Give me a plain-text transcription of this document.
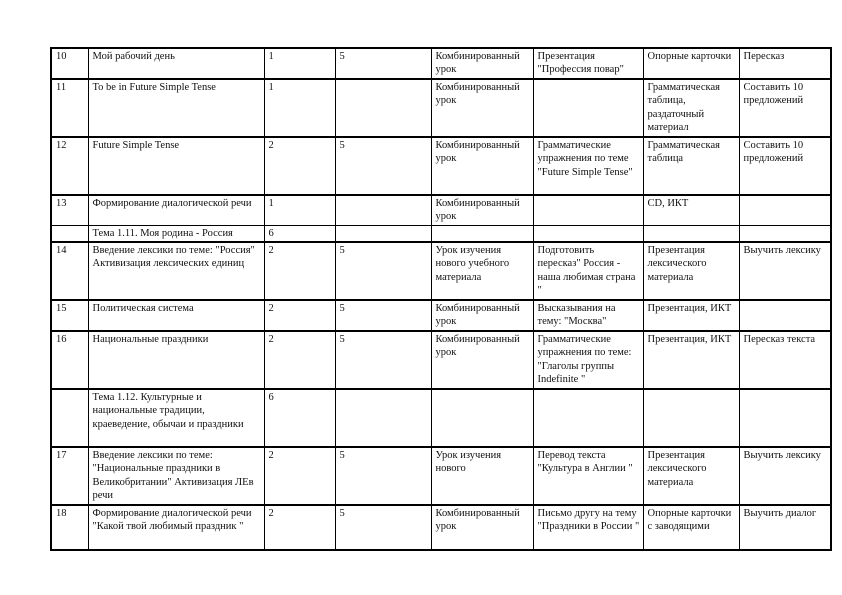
10	Мой рабочий день	1	5	Комбинированный урок	Презентация "Профессия повар"	Опорные карточки	Пересказ
11	To be in Future Simple Tense	1		Комбинированный урок		Грамматическая таблица, раздаточный материал	Составить 10 предложений
12	Future Simple Tense	2	5	Комбинированный урок	Грамматические упражнения по теме "Future Simple Tense"	Грамматическая таблица	Составить 10 предложений
13	Формирование диалогической речи	1		Комбинированный урок		CD, ИКТ	
	Тема 1.11. Моя родина - Россия	6					
14	Введение лексики по теме: "Россия" Активизация лексических единиц	2	5	Урок изучения нового учебного материала	Подготовить пересказ" Россия - наша любимая страна "	Презентация лексического материала	Выучить лексику
15	Политическая система	2	5	Комбинированный урок	Высказывания на тему: "Москва"	Презентация, ИКТ	
16	Национальные праздники	2	5	Комбинированный урок	Грамматические упражнения по теме: "Глаголы группы Indefinite "	Презентация, ИКТ	Пересказ текста
	Тема 1.12. Культурные и национальные традиции, краеведение, обычаи и праздники	6					
17	Введение лексики по теме: "Национальные праздники в Великобритании" Активизация ЛЕв речи	2	5	Урок изучения нового	Перевод текста "Культура в Англии "	Презентация лексического материала	Выучить лексику
18	Формирование диалогической речи "Какой твой любимый праздник "	2	5	Комбинированный урок	Письмо другу на тему "Праздники в России "	Опорные карточки с заводящими	Выучить диалог
